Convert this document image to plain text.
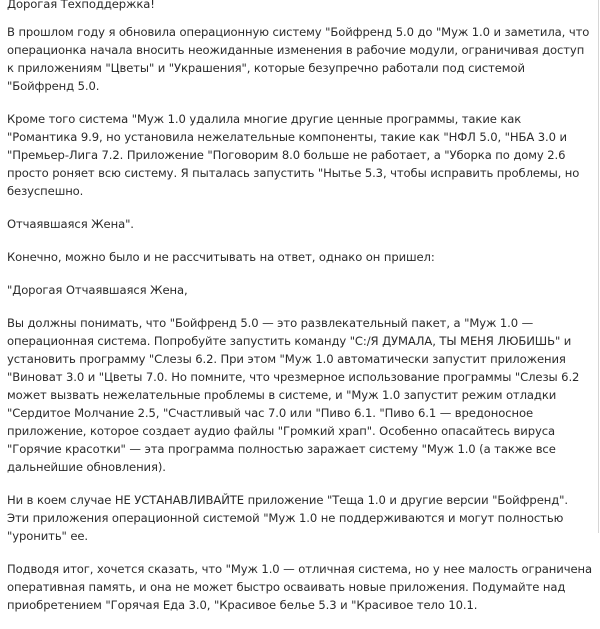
Дорогая Техподдержка!

В прошлом году я обновила операционную систему "Бойфренд 5.0 до "Муж 1.0 и заметила, что операционка начала вносить неожиданные изменения в рабочие модули, ограничивая доступ к приложениям "Цветы" и "Украшения", которые безупречно работали под системой "Бойфренд 5.0.

Кроме того система "Муж 1.0 удалила многие другие ценные программы, такие как "Романтика 9.9, но установила нежелательные компоненты, такие как "НФЛ 5.0, "НБА 3.0 и "Премьер-Лига 7.2. Приложение "Поговорим 8.0 больше не работает, а "Уборка по дому 2.6 просто роняет всю систему. Я пыталась запустить "Нытье 5.3, чтобы исправить проблемы, но безуспешно.

Отчаявшаяся Жена".

Конечно, можно было и не рассчитывать на ответ, однако он пришел:

"Дорогая Отчаявшаяся Жена,

Вы должны понимать, что "Бойфренд 5.0 — это развлекательный пакет, а "Муж 1.0 — операционная система. Попробуйте запустить команду "C:/Я ДУМАЛА, ТЫ МЕНЯ ЛЮБИШЬ" и установить программу "Слезы 6.2. При этом "Муж 1.0 автоматически запустит приложения "Виноват 3.0 и "Цветы 7.0. Но помните, что чрезмерное использование программы "Слезы 6.2 может вызвать нежелательные проблемы в системе, и "Муж 1.0 запустит режим отладки "Сердитое Молчание 2.5, "Счастливый час 7.0 или "Пиво 6.1. "Пиво 6.1 — вредоносное приложение, которое создает аудио файлы "Громкий храп". Особенно опасайтесь вируса "Горячие красотки" — эта программа полностью заражает систему "Муж 1.0 (а также все дальнейшие обновления).

Ни в коем случае НЕ УСТАНАВЛИВАЙТЕ приложение "Теща 1.0 и другие версии "Бойфренд". Эти приложения операционной системой "Муж 1.0 не поддерживаются и могут полностью "уронить" ее.

Подводя итог, хочется сказать, что "Муж 1.0 — отличная система, но у нее малость ограничена оперативная память, и она не может быстро осваивать новые приложения. Подумайте над приобретением "Горячая Еда 3.0, "Красивое белье 5.3 и "Красивое тело 10.1.
